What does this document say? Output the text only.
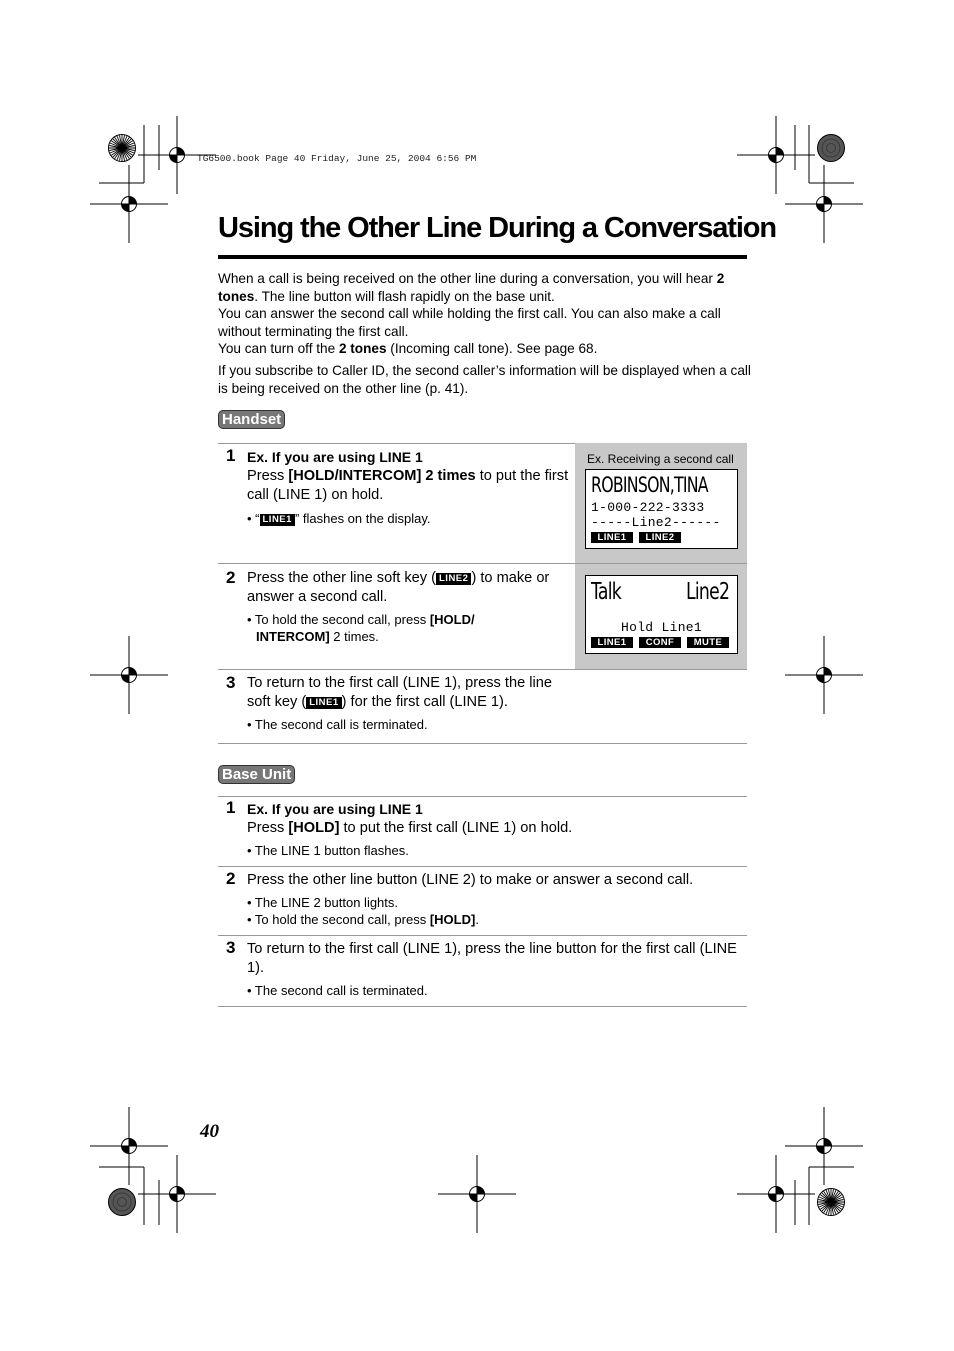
TG6500.book Page 40 Friday, June 25, 2004 6:56 PM
Using the Other Line During a Conversation

When a call is being received on the other line during a conversation, you will hear 2 tones. The line button will flash rapidly on the base unit.

You can answer the second call while holding the first call. You can also make a call without terminating the first call.

You can turn off the 2 tones (Incoming call tone). See page 68.

If you subscribe to Caller ID, the second caller’s information will be displayed when a call is being received on the other line (p. 41).

Handset
1 Ex. If you are using LINE 1
Press [HOLD/INTERCOM] 2 times to put the first call (LINE 1) on hold.
• “ LINE1 ” flashes on the display.
Ex. Receiving a second call
ROBINSON,TINA
1-000-222-3333
-----Line2------
LINE1	LINE2
2 Press the other line soft key ( LINE2 ) to make or answer a second call.
• To hold the second call, press [HOLD/ INTERCOM] 2 times.
Talk	Line2
Hold Line1
LINE1	CONF	MUTE
3 To return to the first call (LINE 1), press the line soft key ( LINE1 ) for the first call (LINE 1).
• The second call is terminated.
Base Unit
1 Ex. If you are using LINE 1
Press [HOLD] to put the first call (LINE 1) on hold.
• The LINE 1 button flashes.
2 Press the other line button (LINE 2) to make or answer a second call.
• The LINE 2 button lights.
• To hold the second call, press [HOLD].
3 To return to the first call (LINE 1), press the line button for the first call (LINE 1).
• The second call is terminated.
40
